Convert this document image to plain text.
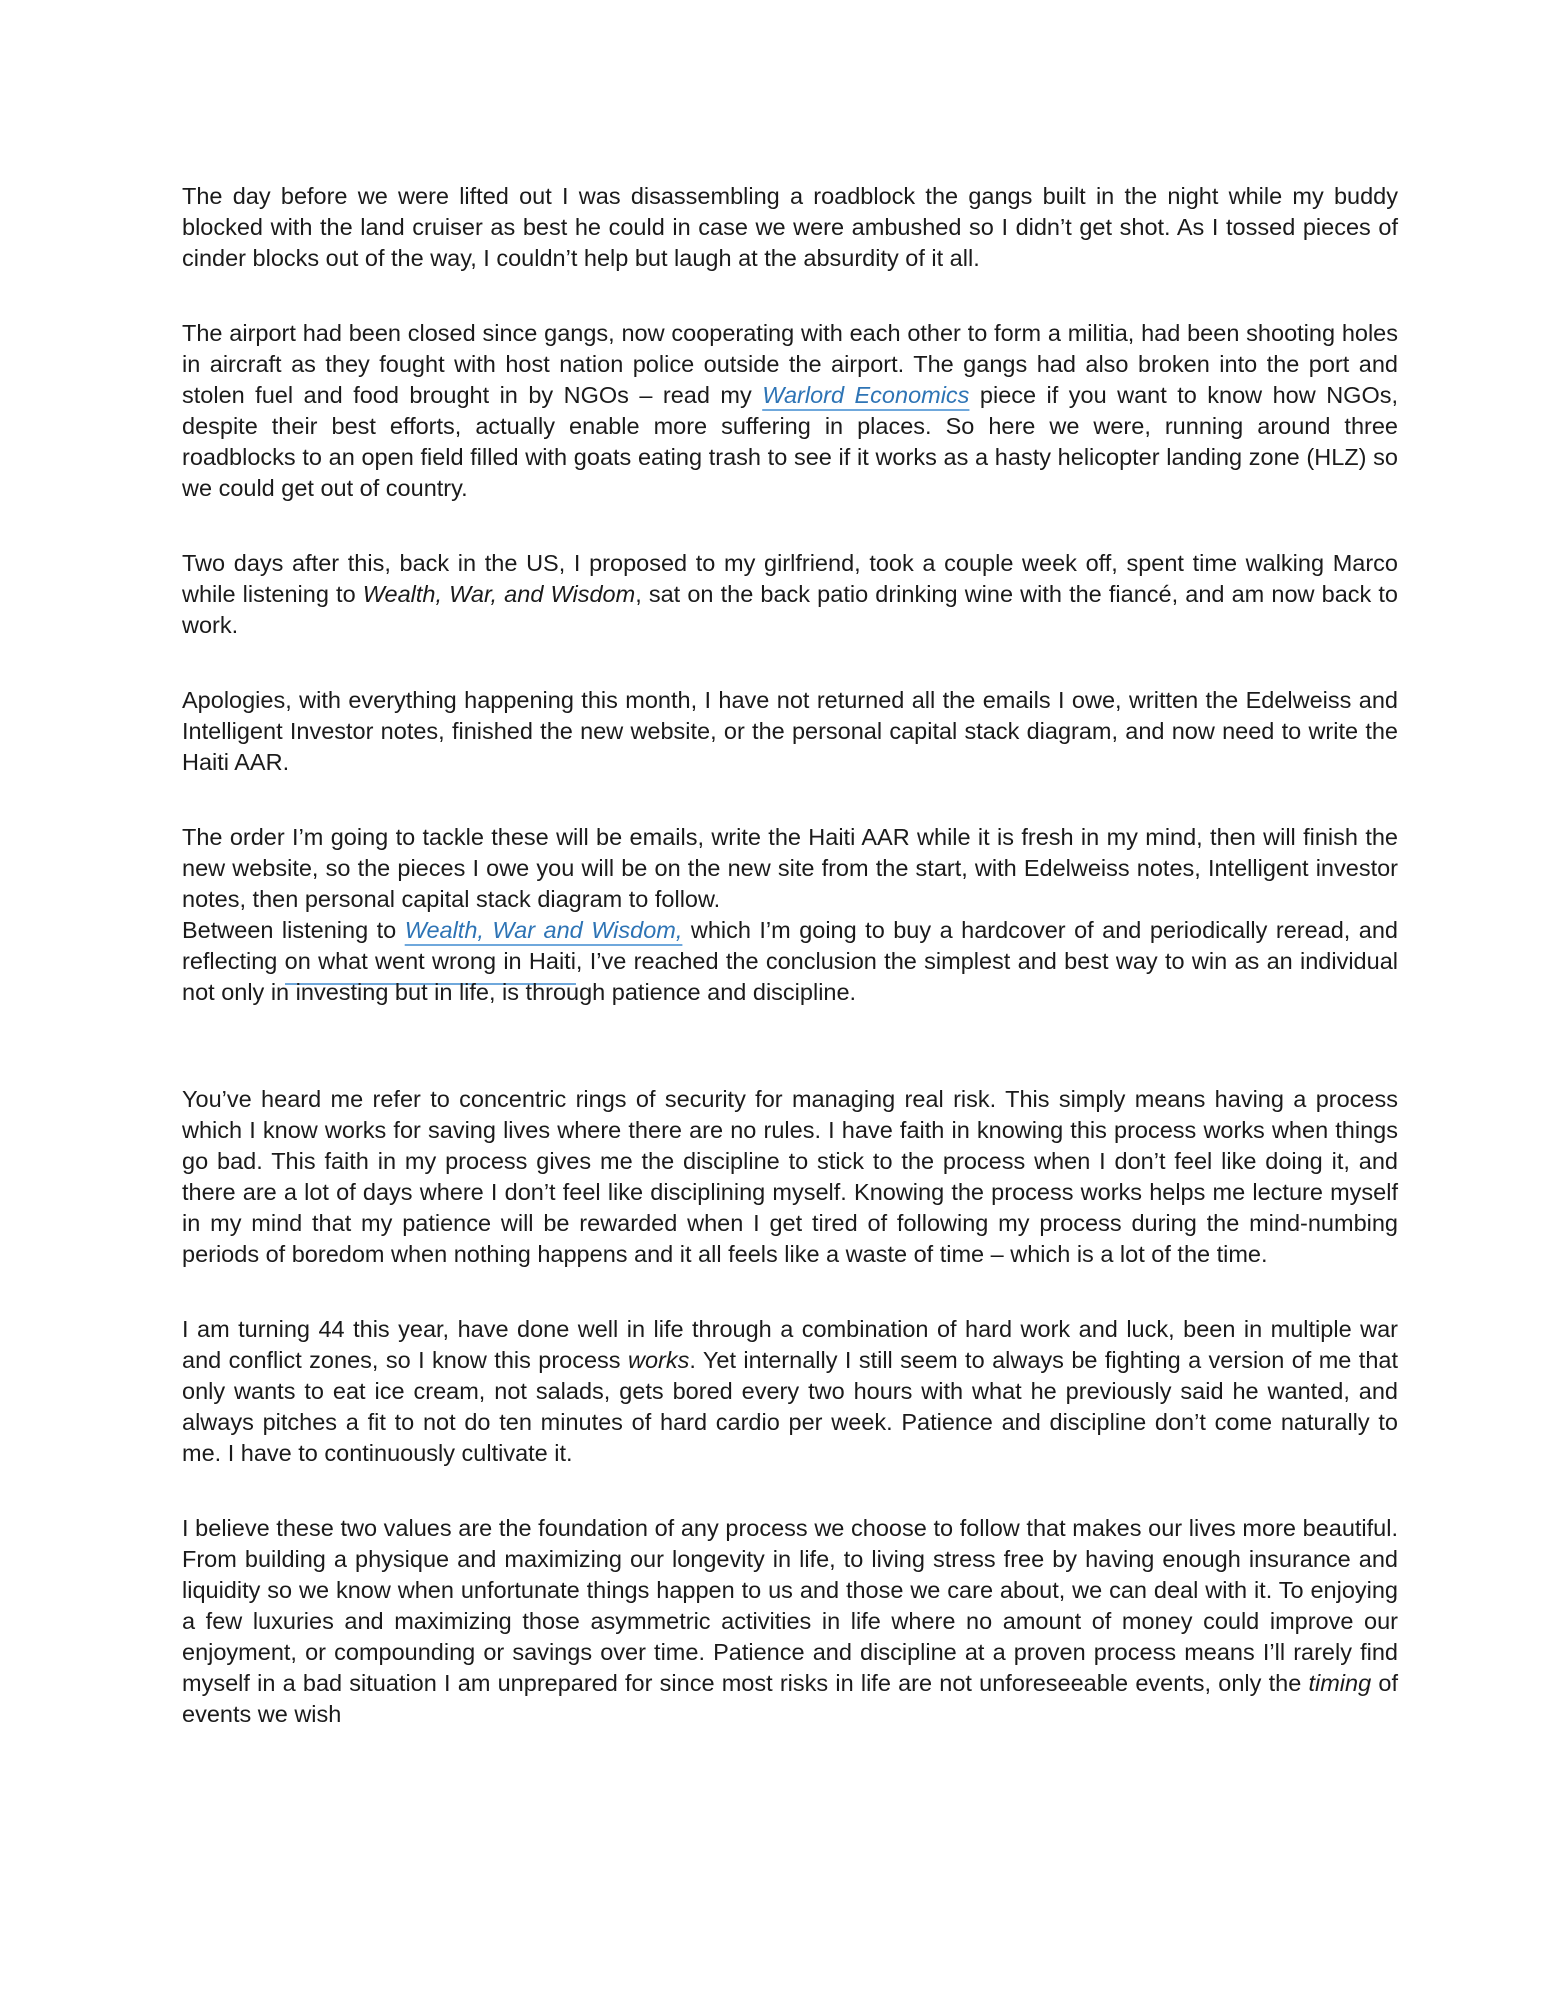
The day before we were lifted out I was disassembling a roadblock the gangs built in the night while my buddy blocked with the land cruiser as best he could in case we were ambushed so I didn’t get shot. As I tossed pieces of cinder blocks out of the way, I couldn’t help but laugh at the absurdity of it all.

The airport had been closed since gangs, now cooperating with each other to form a militia, had been shooting holes in aircraft as they fought with host nation police outside the airport. The gangs had also broken into the port and stolen fuel and food brought in by NGOs – read my Warlord Economics piece if you want to know how NGOs, despite their best efforts, actually enable more suffering in places. So here we were, running around three roadblocks to an open field filled with goats eating trash to see if it works as a hasty helicopter landing zone (HLZ) so we could get out of country.

Two days after this, back in the US, I proposed to my girlfriend, took a couple week off, spent time walking Marco while listening to Wealth, War, and Wisdom, sat on the back patio drinking wine with the fiancé, and am now back to work.

Apologies, with everything happening this month, I have not returned all the emails I owe, written the Edelweiss and Intelligent Investor notes, finished the new website, or the personal capital stack diagram, and now need to write the Haiti AAR.

The order I’m going to tackle these will be emails, write the Haiti AAR while it is fresh in my mind, then will finish the new website, so the pieces I owe you will be on the new site from the start, with Edelweiss notes, Intelligent investor notes, then personal capital stack diagram to follow.
Between listening to Wealth, War and Wisdom, which I’m going to buy a hardcover of and periodically reread, and reflecting on what went wrong in Haiti, I’ve reached the conclusion the simplest and best way to win as an individual not only in investing but in life, is through patience and discipline.

You’ve heard me refer to concentric rings of security for managing real risk. This simply means having a process which I know works for saving lives where there are no rules. I have faith in knowing this process works when things go bad. This faith in my process gives me the discipline to stick to the process when I don’t feel like doing it, and there are a lot of days where I don’t feel like disciplining myself. Knowing the process works helps me lecture myself in my mind that my patience will be rewarded when I get tired of following my process during the mind-numbing periods of boredom when nothing happens and it all feels like a waste of time – which is a lot of the time.

I am turning 44 this year, have done well in life through a combination of hard work and luck, been in multiple war and conflict zones, so I know this process works. Yet internally I still seem to always be fighting a version of me that only wants to eat ice cream, not salads, gets bored every two hours with what he previously said he wanted, and always pitches a fit to not do ten minutes of hard cardio per week. Patience and discipline don’t come naturally to me. I have to continuously cultivate it.

I believe these two values are the foundation of any process we choose to follow that makes our lives more beautiful. From building a physique and maximizing our longevity in life, to living stress free by having enough insurance and liquidity so we know when unfortunate things happen to us and those we care about, we can deal with it. To enjoying a few luxuries and maximizing those asymmetric activities in life where no amount of money could improve our enjoyment, or compounding or savings over time. Patience and discipline at a proven process means I’ll rarely find myself in a bad situation I am unprepared for since most risks in life are not unforeseeable events, only the timing of events we wish
